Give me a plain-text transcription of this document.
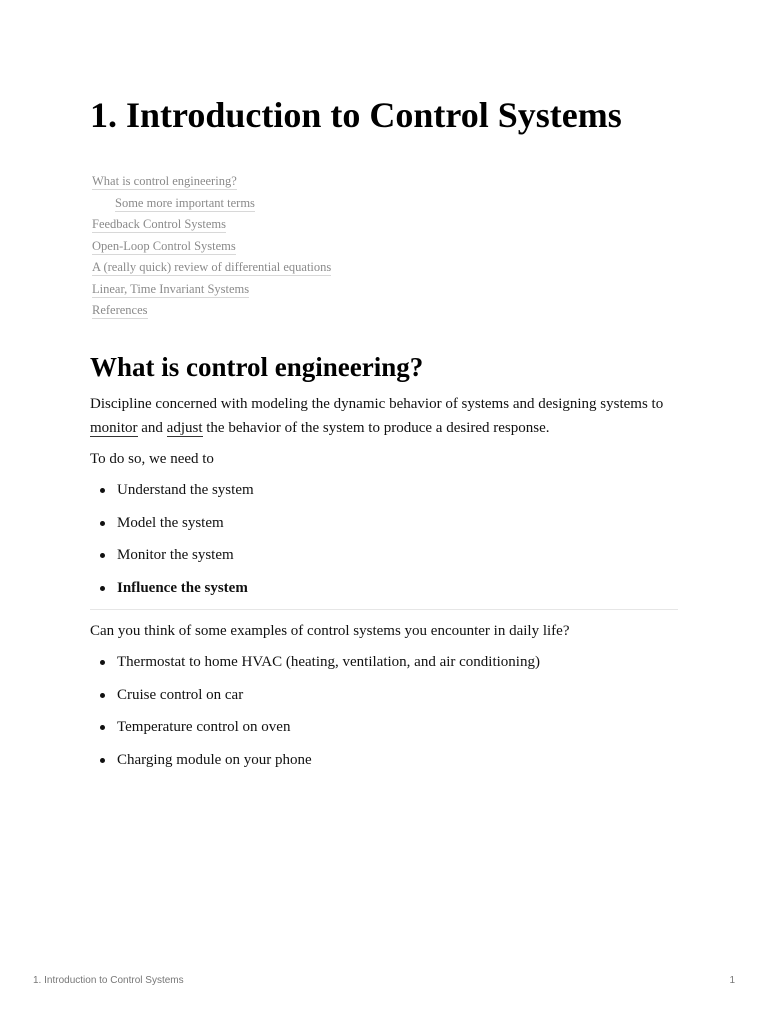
1. Introduction to Control Systems
What is control engineering?
Some more important terms
Feedback Control Systems
Open-Loop Control Systems
A (really quick) review of differential equations
Linear, Time Invariant Systems
References
What is control engineering?

Discipline concerned with modeling the dynamic behavior of systems and designing systems to monitor and adjust the behavior of the system to produce a desired response.

To do so, we need to

Understand the system
Model the system
Monitor the system
Influence the system

Can you think of some examples of control systems you encounter in daily life?

Thermostat to home HVAC (heating, ventilation, and air conditioning)
Cruise control on car
Temperature control on oven
Charging module on your phone
1. Introduction to Control Systems	1
